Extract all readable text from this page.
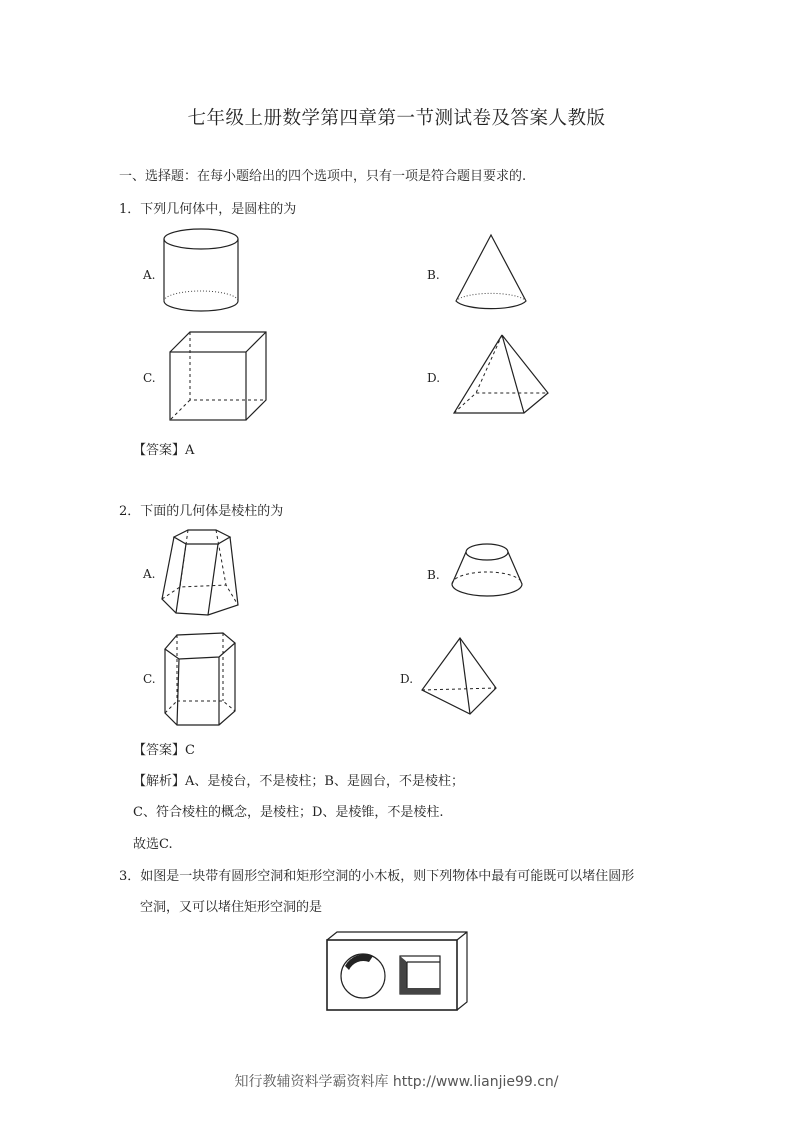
七年级上册数学第四章第一节测试卷及答案人教版
一、选择题：在每小题给出的四个选项中，只有一项是符合题目要求的.
1．下列几何体中，是圆柱的为
A.	B.
C.	D.
【答案】A
2．下面的几何体是棱柱的为
A.	B.
C.	D.
【答案】C
【解析】A、是棱台，不是棱柱；B、是圆台，不是棱柱；
C、符合棱柱的概念，是棱柱；D、是棱锥，不是棱柱.
故选C.
3．如图是一块带有圆形空洞和矩形空洞的小木板，则下列物体中最有可能既可以堵住圆形
空洞，又可以堵住矩形空洞的是
知行教辅资料学霸资料库 http://www.lianjie99.cn/
